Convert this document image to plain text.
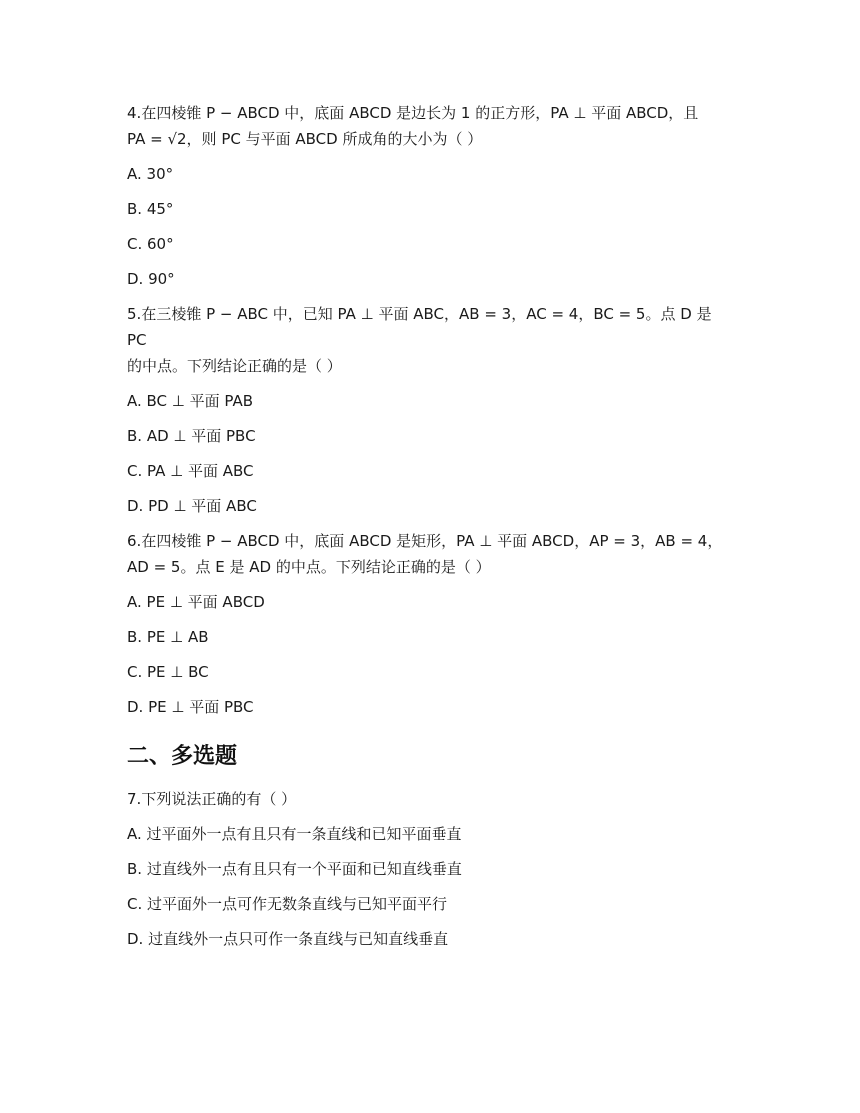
4.在四棱锥 P − ABCD 中，底面 ABCD 是边长为 1 的正方形，PA ⊥ 平面 ABCD，且

PA = √2，则 PC 与平面 ABCD 所成角的大小为（ ）

A. 30°

B. 45°

C. 60°

D. 90°

5.在三棱锥 P − ABC 中，已知 PA ⊥ 平面 ABC，AB = 3，AC = 4，BC = 5。点 D 是 PC

的中点。下列结论正确的是（ ）

A. BC ⊥ 平面 PAB

B. AD ⊥ 平面 PBC

C. PA ⊥ 平面 ABC

D. PD ⊥ 平面 ABC

6.在四棱锥 P − ABCD 中，底面 ABCD 是矩形，PA ⊥ 平面 ABCD，AP = 3，AB = 4，

AD = 5。点 E 是 AD 的中点。下列结论正确的是（ ）

A. PE ⊥ 平面 ABCD

B. PE ⊥ AB

C. PE ⊥ BC

D. PE ⊥ 平面 PBC

二、多选题

7.下列说法正确的有（ ）

A. 过平面外一点有且只有一条直线和已知平面垂直

B. 过直线外一点有且只有一个平面和已知直线垂直

C. 过平面外一点可作无数条直线与已知平面平行

D. 过直线外一点只可作一条直线与已知直线垂直
